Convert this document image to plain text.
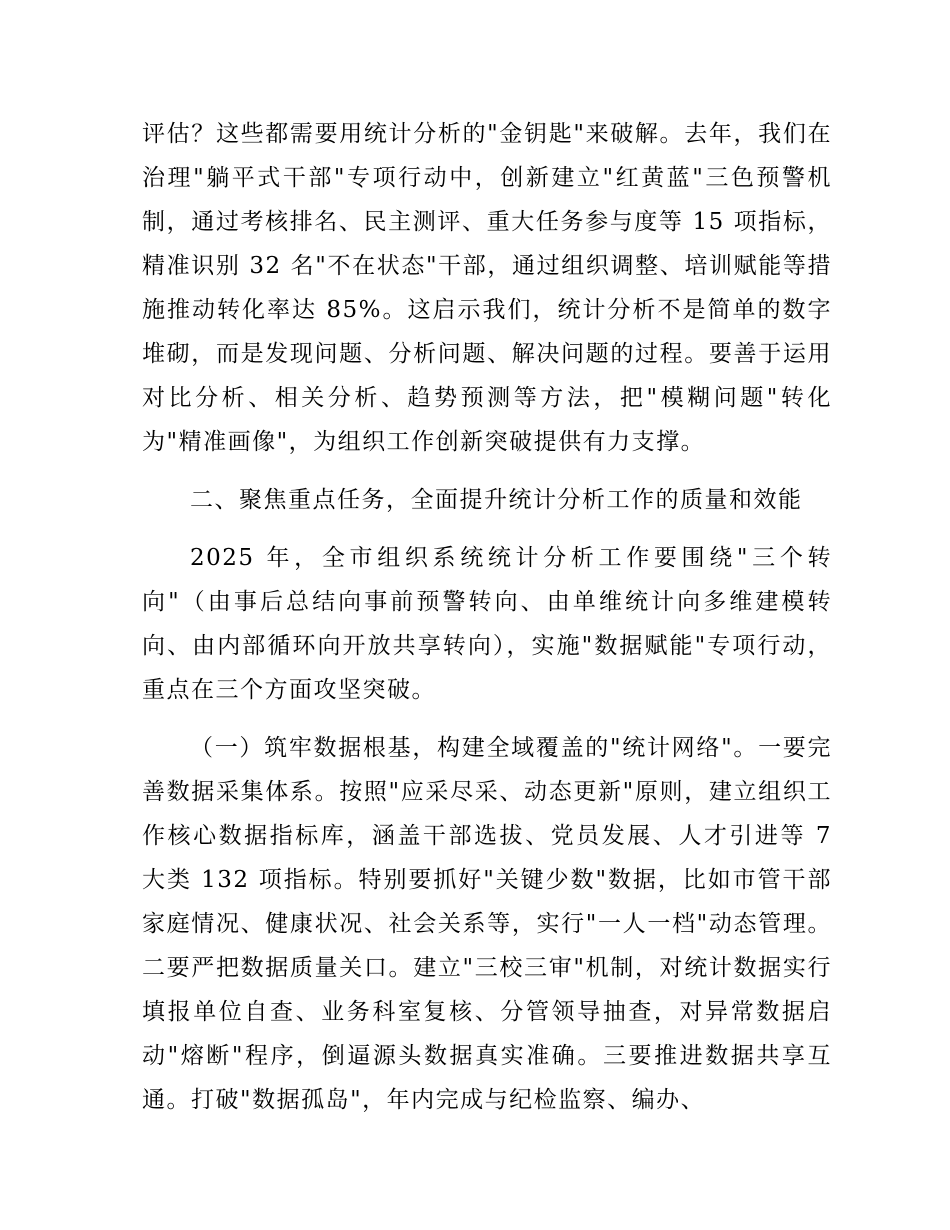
评估？这些都需要用统计分析的"金钥匙"来破解。去年，我们在治理"躺平式干部"专项行动中，创新建立"红黄蓝"三色预警机制，通过考核排名、民主测评、重大任务参与度等 15 项指标，精准识别 32 名"不在状态"干部，通过组织调整、培训赋能等措施推动转化率达 85%。这启示我们，统计分析不是简单的数字堆砌，而是发现问题、分析问题、解决问题的过程。要善于运用对比分析、相关分析、趋势预测等方法，把"模糊问题"转化为"精准画像"，为组织工作创新突破提供有力支撑。

二、聚焦重点任务，全面提升统计分析工作的质量和效能

2025 年，全市组织系统统计分析工作要围绕"三个转向"（由事后总结向事前预警转向、由单维统计向多维建模转向、由内部循环向开放共享转向），实施"数据赋能"专项行动，重点在三个方面攻坚突破。

（一）筑牢数据根基，构建全域覆盖的"统计网络"。一要完善数据采集体系。按照"应采尽采、动态更新"原则，建立组织工作核心数据指标库，涵盖干部选拔、党员发展、人才引进等 7 大类 132 项指标。特别要抓好"关键少数"数据，比如市管干部家庭情况、健康状况、社会关系等，实行"一人一档"动态管理。二要严把数据质量关口。建立"三校三审"机制，对统计数据实行填报单位自查、业务科室复核、分管领导抽查，对异常数据启动"熔断"程序，倒逼源头数据真实准确。三要推进数据共享互通。打破"数据孤岛"，年内完成与纪检监察、编办、
